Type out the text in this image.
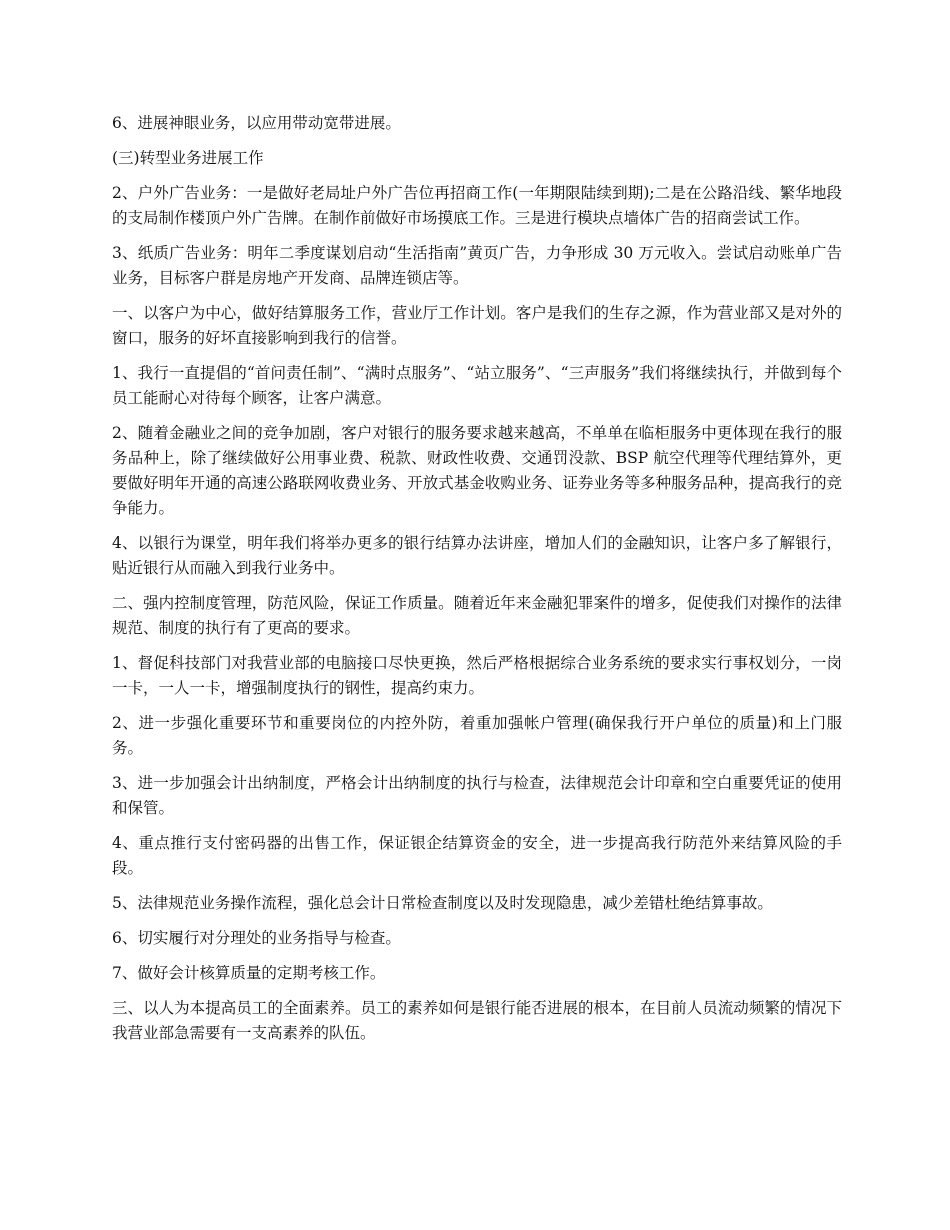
6、进展神眼业务，以应用带动宽带进展。

(三)转型业务进展工作

2、户外广告业务：一是做好老局址户外广告位再招商工作(一年期限陆续到期);二是在公路沿线、繁华地段的支局制作楼顶户外广告牌。在制作前做好市场摸底工作。三是进行模块点墙体广告的招商尝试工作。

3、纸质广告业务：明年二季度谋划启动“生活指南”黄页广告，力争形成 30 万元收入。尝试启动账单广告业务，目标客户群是房地产开发商、品牌连锁店等。

一、以客户为中心，做好结算服务工作，营业厅工作计划。客户是我们的生存之源，作为营业部又是对外的窗口，服务的好坏直接影响到我行的信誉。

1、我行一直提倡的“首问责任制”、“满时点服务”、“站立服务”、“三声服务”我们将继续执行，并做到每个员工能耐心对待每个顾客，让客户满意。

2、随着金融业之间的竞争加剧，客户对银行的服务要求越来越高，不单单在临柜服务中更体现在我行的服务品种上，除了继续做好公用事业费、税款、财政性收费、交通罚没款、BSP 航空代理等代理结算外，更要做好明年开通的高速公路联网收费业务、开放式基金收购业务、证券业务等多种服务品种，提高我行的竞争能力。

4、以银行为课堂，明年我们将举办更多的银行结算办法讲座，增加人们的金融知识，让客户多了解银行，贴近银行从而融入到我行业务中。

二、强内控制度管理，防范风险，保证工作质量。随着近年来金融犯罪案件的增多，促使我们对操作的法律规范、制度的执行有了更高的要求。

1、督促科技部门对我营业部的电脑接口尽快更换，然后严格根据综合业务系统的要求实行事权划分，一岗一卡，一人一卡，增强制度执行的钢性，提高约束力。

2、进一步强化重要环节和重要岗位的内控外防，着重加强帐户管理(确保我行开户单位的质量)和上门服务。

3、进一步加强会计出纳制度，严格会计出纳制度的执行与检查，法律规范会计印章和空白重要凭证的使用和保管。

4、重点推行支付密码器的出售工作，保证银企结算资金的安全，进一步提高我行防范外来结算风险的手段。

5、法律规范业务操作流程，强化总会计日常检查制度以及时发现隐患，减少差错杜绝结算事故。

6、切实履行对分理处的业务指导与检查。

7、做好会计核算质量的定期考核工作。

三、以人为本提高员工的全面素养。员工的素养如何是银行能否进展的根本，在目前人员流动频繁的情况下我营业部急需要有一支高素养的队伍。
